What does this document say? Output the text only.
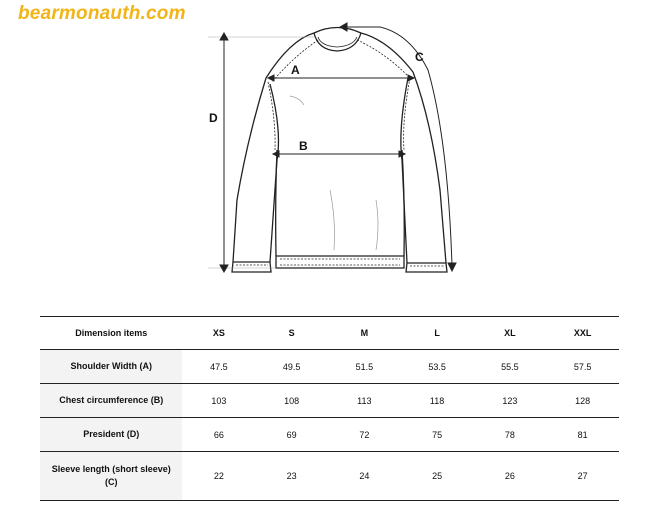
bearmonauth.com
A
B
C
D
Dimension items	XS	S	M	L	XL	XXL
Shoulder Width (A)	47.5	49.5	51.5	53.5	55.5	57.5
Chest circumference (B)	103	108	113	118	123	128
President (D)	66	69	72	75	78	81
Sleeve length (short sleeve)
(C)	22	23	24	25	26	27
